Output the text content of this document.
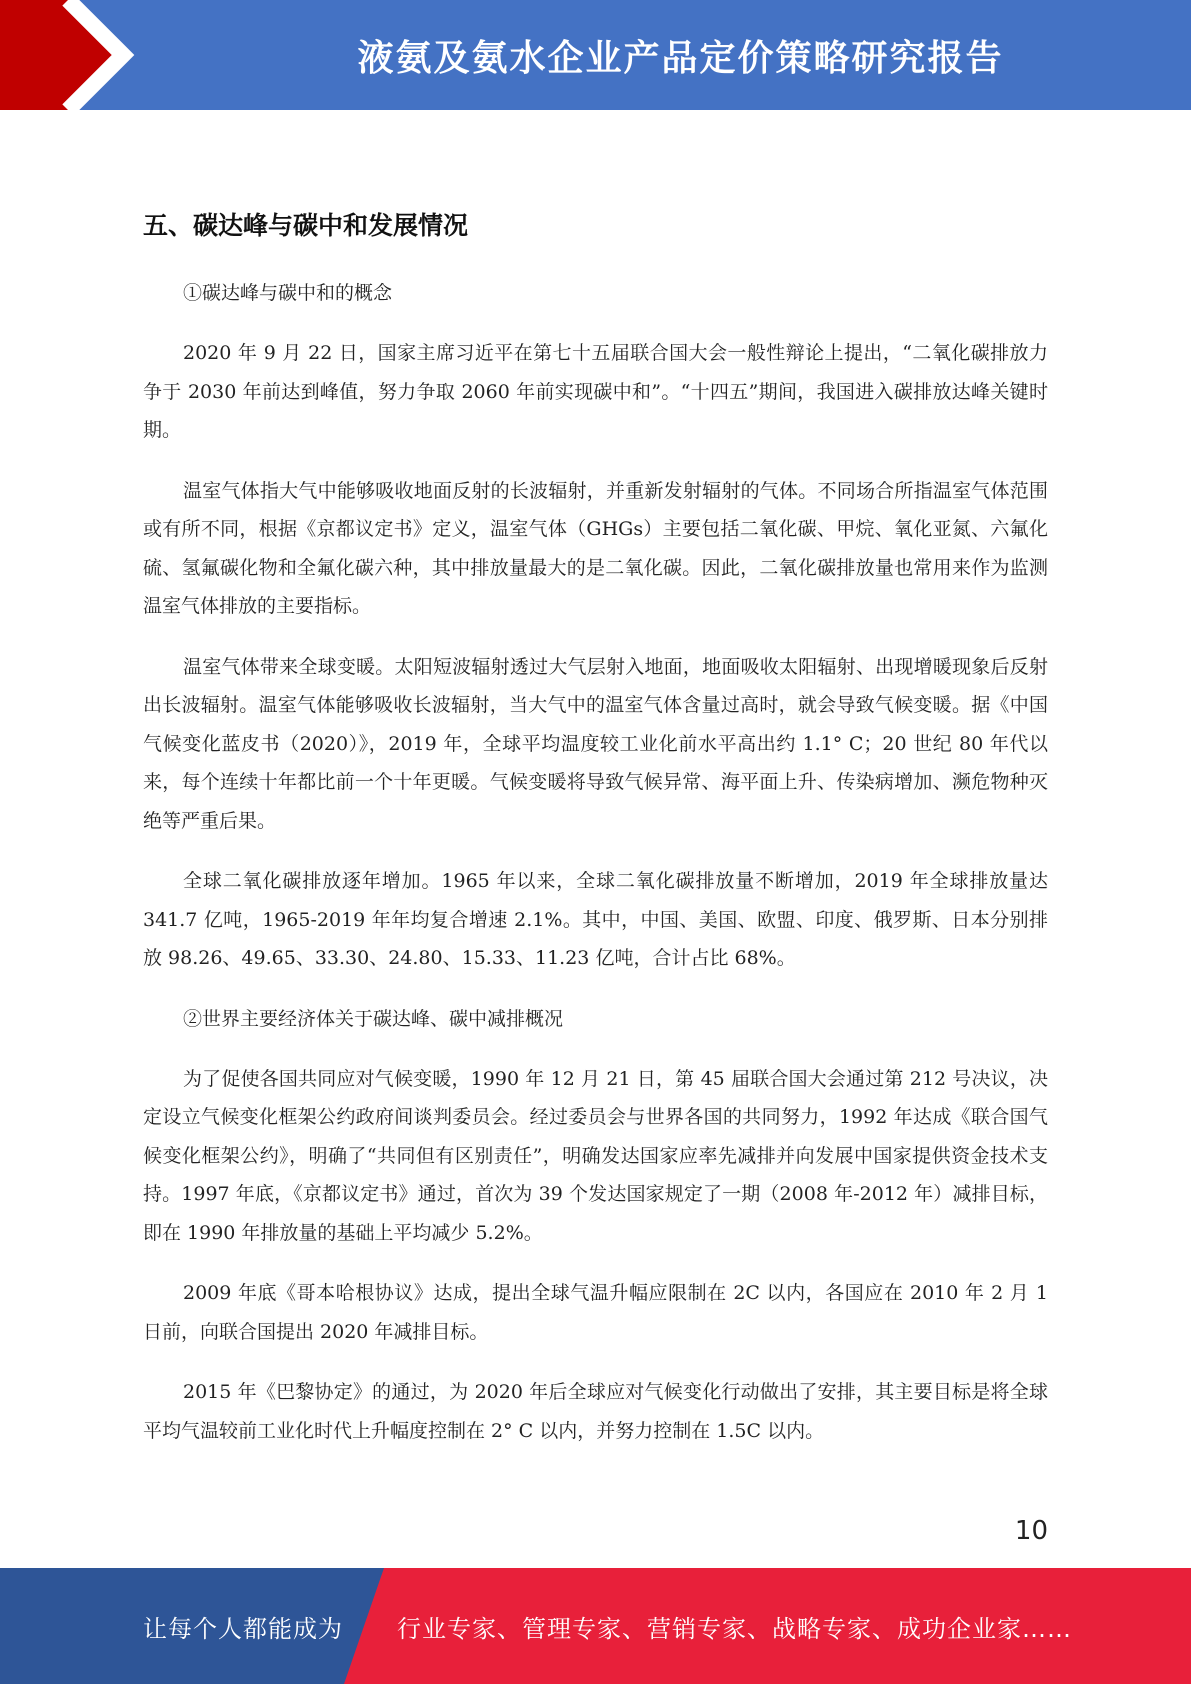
液氨及氨水企业产品定价策略研究报告
五、碳达峰与碳中和发展情况

①碳达峰与碳中和的概念

2020 年 9 月 22 日，国家主席习近平在第七十五届联合国大会一般性辩论上提出，“二氧化碳排放力争于 2030 年前达到峰值，努力争取 2060 年前实现碳中和”。“十四五”期间，我国进入碳排放达峰关键时期。

温室气体指大气中能够吸收地面反射的长波辐射，并重新发射辐射的气体。不同场合所指温室气体范围或有所不同，根据《京都议定书》定义，温室气体（GHGs）主要包括二氧化碳、甲烷、氧化亚氮、六氟化硫、氢氟碳化物和全氟化碳六种，其中排放量最大的是二氧化碳。因此，二氧化碳排放量也常用来作为监测温室气体排放的主要指标。

温室气体带来全球变暖。太阳短波辐射透过大气层射入地面，地面吸收太阳辐射、出现增暖现象后反射出长波辐射。温室气体能够吸收长波辐射，当大气中的温室气体含量过高时，就会导致气候变暖。据《中国气候变化蓝皮书（2020）》，2019 年，全球平均温度较工业化前水平高出约 1.1° C；20 世纪 80 年代以来，每个连续十年都比前一个十年更暖。气候变暖将导致气候异常、海平面上升、传染病增加、濒危物种灭绝等严重后果。

全球二氧化碳排放逐年增加。1965 年以来，全球二氧化碳排放量不断增加，2019 年全球排放量达 341.7 亿吨，1965-2019 年年均复合增速 2.1%。其中，中国、美国、欧盟、印度、俄罗斯、日本分别排放 98.26、49.65、33.30、24.80、15.33、11.23 亿吨，合计占比 68%。

②世界主要经济体关于碳达峰、碳中减排概况

为了促使各国共同应对气候变暖，1990 年 12 月 21 日，第 45 届联合国大会通过第 212 号决议，决定设立气候变化框架公约政府间谈判委员会。经过委员会与世界各国的共同努力，1992 年达成《联合国气候变化框架公约》，明确了“共同但有区别责任”，明确发达国家应率先减排并向发展中国家提供资金技术支持。1997 年底，《京都议定书》通过，首次为 39 个发达国家规定了一期（2008 年-2012 年）减排目标，即在 1990 年排放量的基础上平均减少 5.2%。

2009 年底《哥本哈根协议》达成，提出全球气温升幅应限制在 2C 以内，各国应在 2010 年 2 月 1 日前，向联合国提出 2020 年减排目标。

2015 年《巴黎协定》的通过，为 2020 年后全球应对气候变化行动做出了安排，其主要目标是将全球平均气温较前工业化时代上升幅度控制在 2° C 以内，并努力控制在 1.5C 以内。

10
让每个人都能成为 行业专家、管理专家、营销专家、战略专家、成功企业家……
